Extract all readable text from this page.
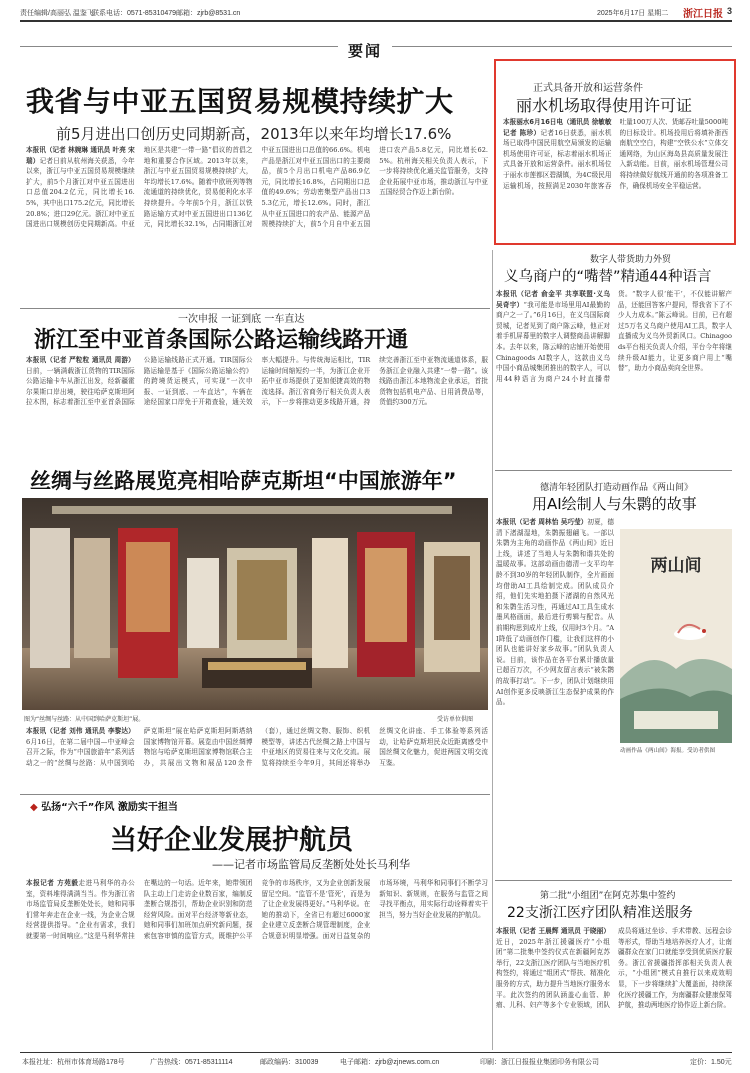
责任编辑/高丽弘 温鉴飞
联系电话：0571-85310479 邮箱：zjrb@8531.cn	2025年6月17日 星期二 浙江日报 3
要闻
我省与中亚五国贸易规模持续扩大
前5月进出口创历史同期新高，2013年以来年均增长17.6%
本报讯（记者 林婉琳 通讯员 叶亮 宋瑞）记者日前从杭州海关获悉，今年以来，浙江与中亚五国贸易规模继续扩大，前5个月浙江对中亚五国进出口总值204.2亿元，同比增长16.5%，其中出口175.2亿元，同比增长20.8%；进口29亿元。浙江对中亚五国进出口规模创历史同期新高。中亚地区是共建“一带一路”倡议的首倡之地和重要合作区域。2013年以来，浙江与中亚五国贸易规模持续扩大，年均增长17.6%。随着中欧班列等物流通道的持续优化，贸易便利化水平持续提升。今年前5个月，浙江以铁路运输方式对中亚五国进出口136亿元，同比增长32.1%，占同期浙江对中亚五国进出口总值的66.6%。机电产品是浙江对中亚五国出口的主要商品，前5个月出口机电产品86.9亿元，同比增长16.8%，占同期出口总值的49.6%；劳动密集型产品出口35.3亿元，增长12.6%。同时，浙江从中亚五国进口的农产品、能源产品规模持续扩大，前5个月自中亚五国进口农产品5.8亿元，同比增长62.5%。杭州海关相关负责人表示，下一步将持续优化通关监管服务，支持企业拓展中亚市场，推动浙江与中亚五国经贸合作迈上新台阶。
正式具备开放和运营条件
丽水机场取得使用许可证
本报丽水6月16日电（通讯员 徐敏敏 记者 陈珍）记者16日获悉，丽水机场已取得中国民用航空局颁发的运输机场使用许可证，标志着丽水机场正式具备开放和运营条件。丽水机场位于丽水市莲都区碧湖镇，为4C级民用运输机场，按照满足2030年旅客吞吐量100万人次、货邮吞吐量5000吨的目标设计。机场投用后将填补浙西南航空空白，构建“空铁公水”立体交通网络，为山区海岛县高质量发展注入新动能。目前，丽水机场管理公司将持续做好航线开通前的各项准备工作，确保机场安全平稳运营。
数字人带货助力外贸
义乌商户的“嘴替”精通44种语言
本报讯（记者 俞金平 共享联盟·义乌 吴奇宇）“我可能是市场里用AI最勤的商户之一了。”6月16日，在义乌国际商贸城，记者见到了商户陈云峰，他正对着手机屏幕里的数字人调整商品讲解脚本。去年以来，陈云峰的店铺开始使用Chinagoods AI数字人，这款由义乌中国小商品城集团推出的数字人，可以用44种语言为商户24小时直播带货。“数字人很‘能干’，不仅能讲解产品，还能回答客户提问，帮我省下了不少人力成本。”陈云峰说。目前，已有超过5万名义乌商户使用AI工具，数字人直播成为义乌外贸新风口。Chinagoods平台相关负责人介绍，平台今年将继续升级AI能力，让更多商户用上“嘴替”，助力小商品卖向全世界。
一次申报 一证到底 一车直达
浙江至中亚首条国际公路运输线路开通
本报讯（记者 严粒粒 通讯员 周游）日前，一辆满载浙江货物的TIR国际公路运输卡车从浙江出发，经新疆霍尔果斯口岸出境，驶往哈萨克斯坦阿拉木图，标志着浙江至中亚首条国际公路运输线路正式开通。TIR国际公路运输是基于《国际公路运输公约》的跨境货运模式，可实现“一次申报、一证到底、一车直达”，车辆在途经国家口岸免于开箱查验，通关效率大幅提升。与传统海运相比，TIR运输时间缩短约一半，为浙江企业开拓中亚市场提供了更加便捷高效的物流选择。浙江省商务厅相关负责人表示，下一步将推动更多线路开通，持续完善浙江至中亚物流通道体系，服务浙江企业融入共建“一带一路”。该线路由浙江本地物流企业承运，首批货物包括机电产品、日用消费品等，货值约300万元。
丝绸与丝路展览亮相哈萨克斯坦“中国旅游年”
图为“丝绸与丝路：从中国到哈萨克斯坦”展。	受访单位供图
本报讯（记者 刘伟 通讯员 李黎达）6月16日，在第二届中国—中亚峰会召开之际，作为“中国旅游年”系列活动之一的“丝绸与丝路：从中国到哈萨克斯坦”展在哈萨克斯坦阿斯塔纳国家博物馆开幕。展览由中国丝绸博物馆与哈萨克斯坦国家博物馆联合主办，共展出文物和展品120余件（套），通过丝绸文物、服饰、织机模型等，讲述古代丝绸之路上中国与中亚地区的贸易往来与文化交流。展览将持续至今年9月，其间还将举办丝绸文化讲座、手工体验等系列活动，让哈萨克斯坦民众近距离感受中国丝绸文化魅力，促进两国文明交流互鉴。
德清年轻团队打造动画作品《两山间》
用AI绘制人与朱鹮的故事
本报讯（记者 周林怡 吴巧莹）初夏，德清下渚湖湿地，朱鹮振翅翩飞。一部以朱鹮为主角的动画作品《两山间》近日上线，讲述了当地人与朱鹮和谐共处的温暖故事。这部动画由德清一支平均年龄不到30岁的年轻团队制作，全片画面均借助AI工具绘制完成。团队成员介绍，他们先实地拍摄下渚湖的自然风光和朱鹮生活习性，再通过AI工具生成水墨风格画面，最后进行剪辑与配音。从前期构思到成片上线，仅用时3个月。“AI降低了动画创作门槛，让我们这样的小团队也能讲好家乡故事。”团队负责人说。目前，该作品在各平台累计播放量已超百万次，不少网友留言表示“被朱鹮的故事打动”。下一步，团队计划继续用AI创作更多反映浙江生态保护成果的作品。
两山间
动画作品《两山间》海报。受访者供图
◆ 弘扬“六千”作风 激励实干担当
当好企业发展护航员
——记者市场监管局反垄断处处长马利华
本报记者 方苑毅走进马利华的办公室，资料堆得满满当当。作为浙江省市场监管局反垄断处处长，她和同事们常年奔走在企业一线，为企业合规经营提供指导。“企业有需求，我们就要第一时间响应。”这是马利华常挂在嘴边的一句话。近年来，她带领团队主动上门走访企业数百家，编制反垄断合规指引，帮助企业识别和防范经营风险。面对平台经济等新业态，她和同事们加班加点研究新问题，探索包容审慎的监管方式，既维护公平竞争的市场秩序，又为企业创新发展留足空间。“监管不是‘管死’，而是为了让企业发展得更好。”马利华说。在她的推动下，全省已有超过6000家企业建立反垄断合规管理制度，企业合规意识明显增强。面对日益复杂的市场环境，马利华和同事们不断学习新知识、新规则，在服务与监管之间寻找平衡点，用实际行动诠释着实干担当，努力当好企业发展的护航员。
第二批“小组团”在阿克苏集中签约
22支浙江医疗团队精准送服务
本报讯（记者 王晨辉 通讯员 于晓丽）近日，2025年浙江援疆医疗“小组团”第二批集中签约仪式在新疆阿克苏举行，22支浙江医疗团队与当地医疗机构签约，将通过“组团式”帮扶、精准化服务的方式，助力提升当地医疗服务水平。此次签约的团队涵盖心血管、肿瘤、儿科、妇产等多个专业领域，团队成员将通过坐诊、手术带教、远程会诊等形式，帮助当地培养医疗人才，让南疆群众在家门口就能享受到优质医疗服务。浙江省援疆指挥部相关负责人表示，“小组团”模式自推行以来成效明显，下一步将继续扩大覆盖面，持续深化医疗援疆工作，为南疆群众健康保驾护航，推动两地医疗协作迈上新台阶。
本报社址：杭州市体育场路178号	广告热线：0571-85311114	邮政编码：310039	电子邮箱：zjrb@zjnews.com.cn	印刷：浙江日报报业集团印务有限公司	定价：1.50元
